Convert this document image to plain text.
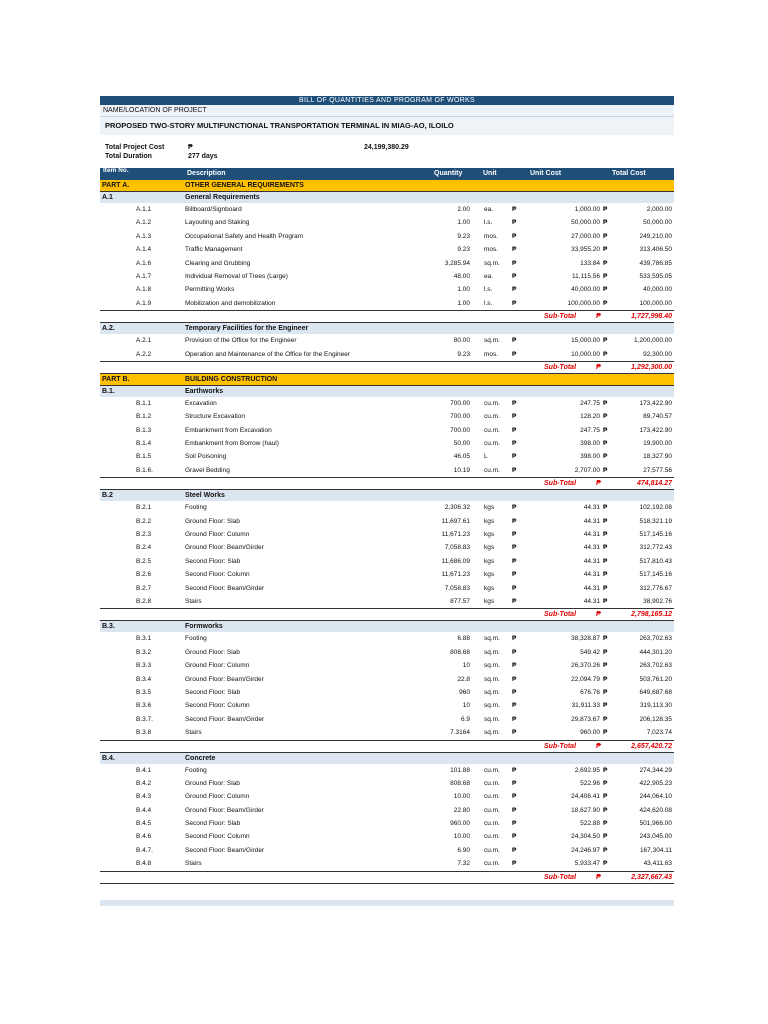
BILL OF QUANTITIES AND PROGRAM OF WORKS
NAME/LOCATION OF PROJECT
PROPOSED TWO-STORY MULTIFUNCTIONAL TRANSPORTATION TERMINAL IN MIAG-AO, ILOILO
Total Project Cost	₱	24,199,380.29
Total Duration	277 days
Item No.	Description	Quantity	Unit	Unit Cost	Total Cost
PART A.	OTHER GENERAL REQUIREMENTS
A.1	General Requirements
A.1.1	Billboard/Signboard	2.00 ea.	₱	1,000.00 ₱	2,000.00
A.1.2	Layouting and Staking	1.00 l.s.	₱	50,000.00 ₱	50,000.00
A.1.3	Occupational Safety and Health Program	9.23 mos. ₱	27,000.00 ₱	249,210.00
A.1.4	Traffic Management	9.23 mos. ₱	33,955.20 ₱	313,406.50
A.1.6	Clearing and Grubbing	3,285.94 sq.m. ₱	133.84 ₱	439,786.85
A.1.7	Individual Removal of Trees (Large)	48.00 ea.	₱	11,115.56 ₱	533,595.05
A.1.8	Permitting Works	1.00 l.s.	₱	40,000.00 ₱	40,000.00
A.1.9	Mobilization and demobilization	1.00 l.s.	₱	100,000.00 ₱	100,000.00
Sub-Total	₱	1,727,998.40
A.2.	Temporary Facilities for the Engineer
A.2.1	Provision of the Office for the Engineer	80.00 sq.m. ₱	15,000.00 ₱	1,200,000.00
A.2.2	Operation and Maintenance of the Office for the Engineer	9.23 mos. ₱	10,000.00 ₱	92,300.00
Sub-Total	₱	1,292,300.00
PART B.	BUILDING CONSTRUCTION
B.1.	Earthworks
B.1.1	Excavation	700.00 cu.m. ₱	247.75 ₱	173,422.90
B.1.2	Structure Excavation	700.00 cu.m. ₱	128.20 ₱	89,740.57
B.1.3	Embankment from Excavation	700.00 cu.m. ₱	247.75 ₱	173,422.90
B.1.4	Embankment from Borrow (haul)	50.00 cu.m. ₱	398.00 ₱	19,900.00
B.1.5	Soil Poisoning	46.05 L	₱	398.00 ₱	18,327.90
B.1.6.	Gravel Bedding	10.19 cu.m. ₱	2,707.00 ₱	27,577.56
Sub-Total	₱	474,814.27
B.2	Steel Works
B.2.1	Footing	2,306.32 kgs	₱	44.31 ₱	102,192.08
B.2.2	Ground Floor: Slab	11,697.61 kgs	₱	44.31 ₱	518,321.19
B.2.3	Ground Floor: Column	11,671.23 kgs	₱	44.31 ₱	517,145.16
B.2.4	Ground Floor: Beam/Girder	7,058.83 kgs	₱	44.31 ₱	312,772.43
B.2.5	Second Floor: Slab	11,686.09 kgs	₱	44.31 ₱	517,810.43
B.2.6	Second Floor: Column	11,671.23 kgs	₱	44.31 ₱	517,145.16
B.2.7	Second Floor: Beam/Girder	7,058.83 kgs	₱	44.31 ₱	312,776.67
B.2.8	Stairs	877.57 kgs	₱	44.31 ₱	38,902.76
Sub-Total	₱	2,798,165.12
B.3.	Formworks
B.3.1	Footing	6.88 sq.m. ₱	38,328.87 ₱	263,702.63
B.3.2	Ground Floor: Slab	808.68 sq.m. ₱	549.42 ₱	444,301.20
B.3.3	Ground Floor: Column	10 sq.m. ₱	26,370.26 ₱	263,702.63
B.3.4	Ground Floor: Beam/Girder	22.8 sq.m. ₱	22,094.79 ₱	503,761.20
B.3.5	Second Floor: Slab	960 sq.m. ₱	676.76 ₱	649,687.68
B.3.6	Second Floor: Column	10 sq.m. ₱	31,911.33 ₱	319,113.30
B.3.7.	Second Floor: Beam/Girder	6.9 sq.m. ₱	29,873.67 ₱	206,128.35
B.3.8	Stairs	7.3164 sq.m. ₱	960.00 ₱	7,023.74
Sub-Total	₱	2,657,420.72
B.4.	Concrete
B.4.1	Footing	101.88 cu.m. ₱	2,692.95 ₱	274,344.29
B.4.2	Ground Floor: Slab	808.68 cu.m. ₱	522.96 ₱	422,905.23
B.4.3	Ground Floor: Column	10.00 cu.m. ₱	24,406.41 ₱	244,064.10
B.4.4	Ground Floor: Beam/Girder	22.80 cu.m. ₱	18,627.90 ₱	424,620.08
B.4.5	Second Floor: Slab	960.00 cu.m. ₱	522.88 ₱	501,966.00
B.4.6	Second Floor: Column	10.00 cu.m. ₱	24,304.50 ₱	243,045.00
B.4.7.	Second Floor: Beam/Girder	6.90 cu.m. ₱	24,246.97 ₱	167,304.11
B.4.8	Stairs	7.32 cu.m. ₱	5,933.47 ₱	43,411.63
Sub-Total	₱	2,327,667.43
